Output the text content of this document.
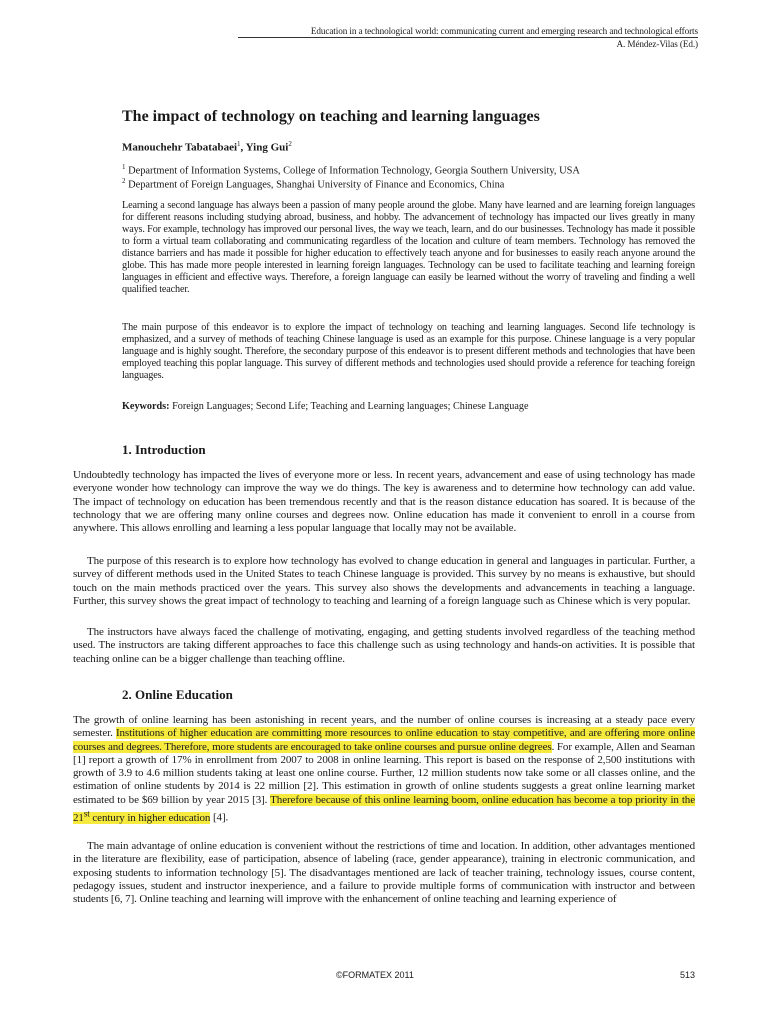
Education in a technological world: communicating current and emerging research and technological efforts
A. Méndez-Vilas (Ed.)
The impact of technology on teaching and learning languages
Manouchehr Tabatabaei$^1$, Ying Gui$^2$
$^1$ Department of Information Systems, College of Information Technology, Georgia Southern University, USA
$^2$ Department of Foreign Languages, Shanghai University of Finance and Economics, China

Learning a second language has always been a passion of many people around the globe. Many have learned and are learning foreign languages for different reasons including studying abroad, business, and hobby. The advancement of technology has impacted our lives greatly in many ways. For example, technology has improved our personal lives, the way we teach, learn, and do our businesses. Technology has made it possible to form a virtual team collaborating and communicating regardless of the location and culture of team members. Technology has removed the distance barriers and has made it possible for higher education to effectively teach anyone and for businesses to easily reach anyone around the globe. This has made more people interested in learning foreign languages. Technology can be used to facilitate teaching and learning foreign languages in efficient and effective ways. Therefore, a foreign language can easily be learned without the worry of traveling and finding a well qualified teacher.

The main purpose of this endeavor is to explore the impact of technology on teaching and learning languages. Second life technology is emphasized, and a survey of methods of teaching Chinese language is used as an example for this purpose. Chinese language is a very popular language and is highly sought. Therefore, the secondary purpose of this endeavor is to present different methods and technologies that have been employed teaching this poplar language. This survey of different methods and technologies used should provide a reference for teaching foreign languages.

Keywords: Foreign Languages; Second Life; Teaching and Learning languages; Chinese Language
1. Introduction

Undoubtedly technology has impacted the lives of everyone more or less. In recent years, advancement and ease of using technology has made everyone wonder how technology can improve the way we do things. The key is awareness and to determine how technology can add value. The impact of technology on education has been tremendous recently and that is the reason distance education has soared. It is because of the technology that we are offering many online courses and degrees now. Online education has made it convenient to enroll in a course from anywhere. This allows enrolling and learning a less popular language that locally may not be available.

The purpose of this research is to explore how technology has evolved to change education in general and languages in particular. Further, a survey of different methods used in the United States to teach Chinese language is provided. This survey by no means is exhaustive, but should touch on the main methods practiced over the years. This survey also shows the developments and advancements in teaching a language. Further, this survey shows the great impact of technology to teaching and learning of a foreign language such as Chinese which is very popular.

The instructors have always faced the challenge of motivating, engaging, and getting students involved regardless of the teaching method used. The instructors are taking different approaches to face this challenge such as using technology and hands-on activities. It is possible that teaching online can be a bigger challenge than teaching offline.

2. Online Education

The growth of online learning has been astonishing in recent years, and the number of online courses is increasing at a steady pace every semester. Institutions of higher education are committing more resources to online education to stay competitive, and are offering more online courses and degrees. Therefore, more students are encouraged to take online courses and pursue online degrees. For example, Allen and Seaman [1] report a growth of 17% in enrollment from 2007 to 2008 in online learning. This report is based on the response of 2,500 institutions with growth of 3.9 to 4.6 million students taking at least one online course. Further, 12 million students now take some or all classes online, and the estimation of online students by 2014 is 22 million [2]. This estimation in growth of online students suggests a great online learning market estimated to be $69 billion by year 2015 [3]. Therefore because of this online learning boom, online education has become a top priority in the 21st century in higher education [4].

The main advantage of online education is convenient without the restrictions of time and location. In addition, other advantages mentioned in the literature are flexibility, ease of participation, absence of labeling (race, gender appearance), training in electronic communication, and exposing students to information technology [5]. The disadvantages mentioned are lack of teacher training, technology issues, course content, pedagogy issues, student and instructor inexperience, and a failure to provide multiple forms of communication with instructor and between students [6, 7]. Online teaching and learning will improve with the enhancement of online teaching and learning experience of

©FORMATEX 2011	513
